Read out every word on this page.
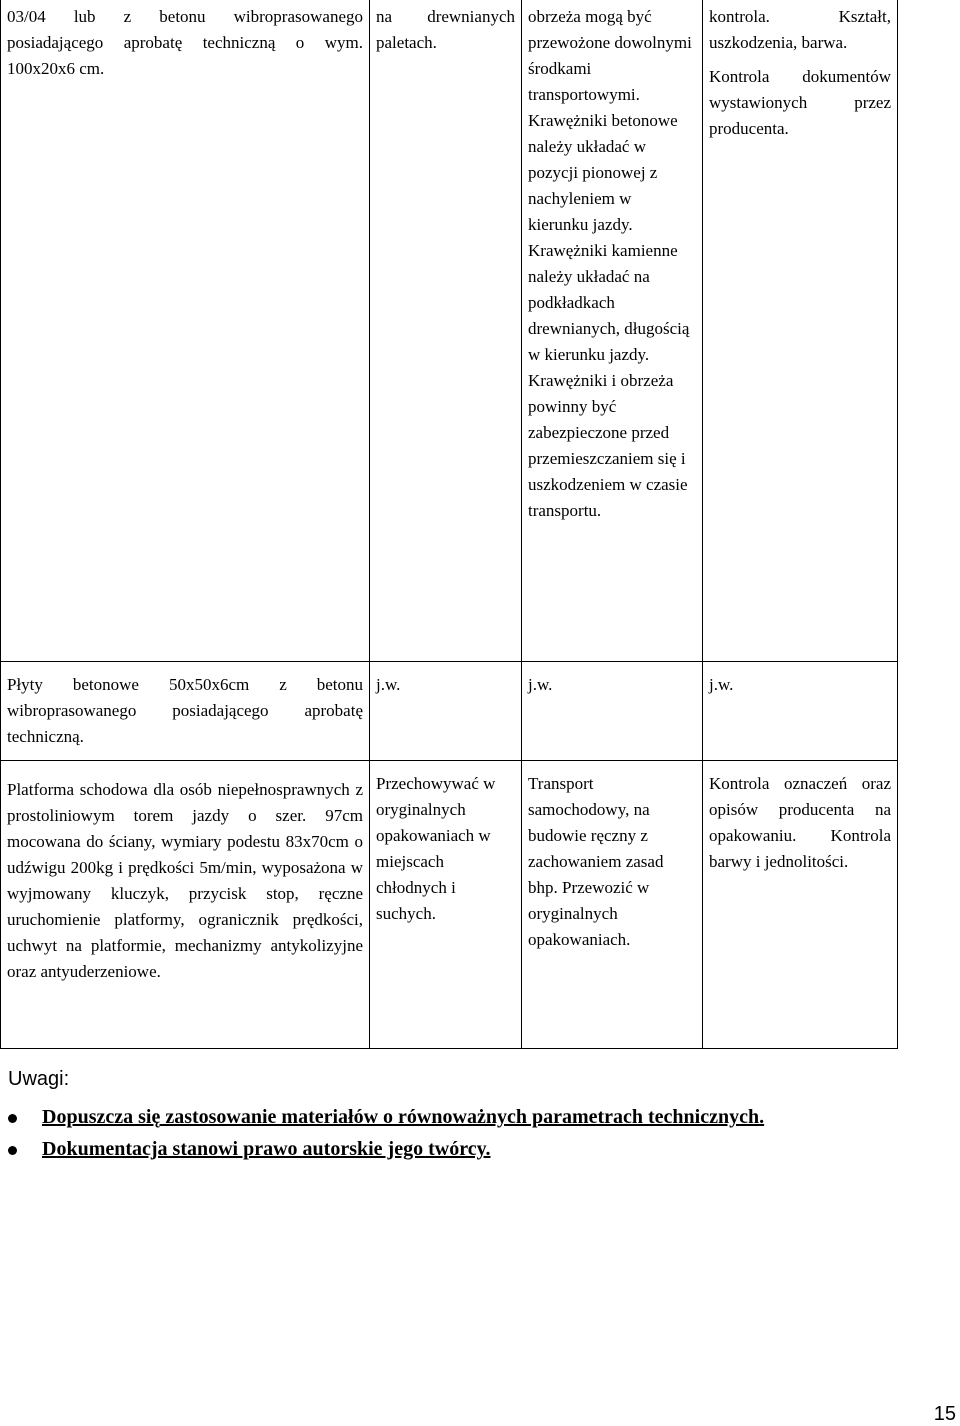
03/04 lub z betonu wibroprasowanego posiadającego aprobatę techniczną o wym. 100x20x6 cm.	na drewnianych paletach.	obrzeża mogą być przewożone dowolnymi środkami transportowymi. Krawężniki betonowe należy układać w pozycji pionowej z nachyleniem w kierunku jazdy. Krawężniki kamienne należy układać na podkładkach drewnianych, długością w kierunku jazdy. Krawężniki i obrzeża powinny być zabezpieczone przed przemieszczaniem się i uszkodzeniem w czasie transportu.	kontrola. Kształt, uszkodzenia, barwa.

Kontrola dokumentów wystawionych przez producenta.

Płyty betonowe 50x50x6cm z betonu wibroprasowanego posiadającego aprobatę techniczną.	j.w.	j.w.	j.w.

Platforma schodowa dla osób niepełnosprawnych z prostoliniowym torem jazdy o szer. 97cm mocowana do ściany, wymiary podestu 83x70cm o udźwigu 200kg i prędkości 5m/min, wyposażona w wyjmowany kluczyk, przycisk stop, ręczne uruchomienie platformy, ogranicznik prędkości, uchwyt na platformie, mechanizmy antykolizyjne oraz antyuderzeniowe.	Przechowywać w oryginalnych opakowaniach w miejscach chłodnych i suchych.	Transport samochodowy, na budowie ręczny z zachowaniem zasad bhp. Przewozić w oryginalnych opakowaniach.	Kontrola oznaczeń oraz opisów producenta na opakowaniu. Kontrola barwy i jednolitości.

Uwagi:

Dopuszcza się zastosowanie materiałów o równoważnych parametrach technicznych.
Dokumentacja stanowi prawo autorskie jego twórcy.
15
